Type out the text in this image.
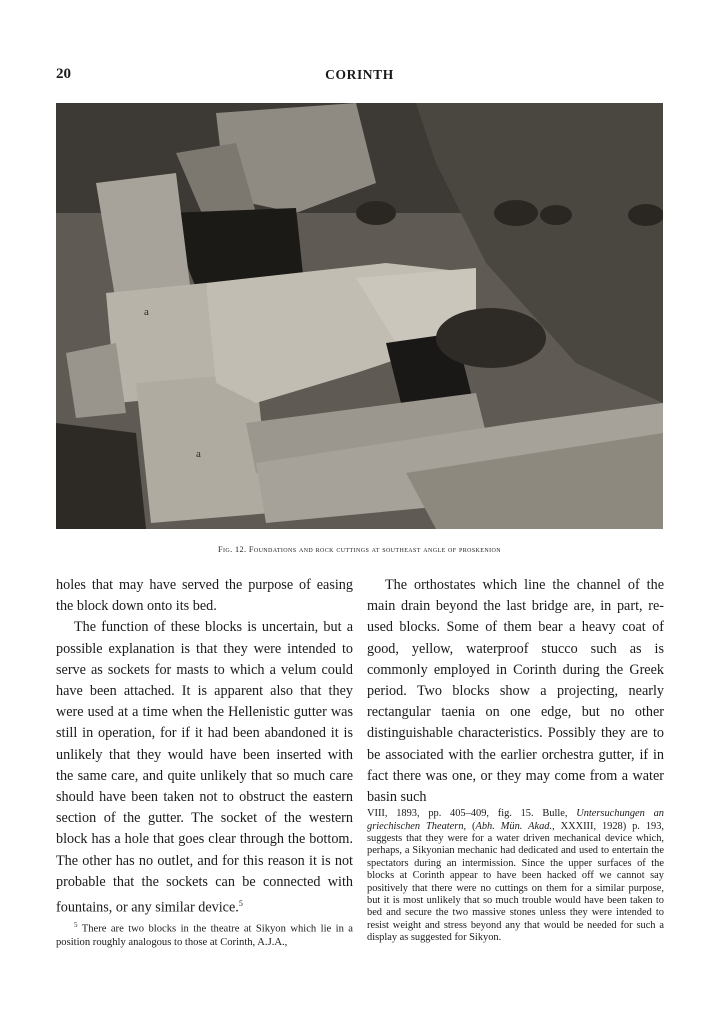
20	CORINTH
a
a
b
Fig. 12. Foundations and rock cuttings at southeast angle of proskenion

holes that may have served the purpose of easing the block down onto its bed.

The function of these blocks is uncertain, but a possible explanation is that they were intended to serve as sockets for masts to which a velum could have been attached. It is apparent also that they were used at a time when the Hellenistic gutter was still in operation, for if it had been abandoned it is unlikely that they would have been inserted with the same care, and quite unlikely that so much care should have been taken not to obstruct the eastern section of the gutter. The socket of the western block has a hole that goes clear through the bottom. The other has no outlet, and for this reason it is not probable that the sockets can be connected with fountains, or any similar device.$^5$

$^5$ There are two blocks in the theatre at Sikyon which lie in a position roughly analogous to those at Corinth, A.J.A.,

The orthostates which line the channel of the main drain beyond the last bridge are, in part, re-used blocks. Some of them bear a heavy coat of good, yellow, waterproof stucco such as is commonly employed in Corinth during the Greek period. Two blocks show a projecting, nearly rectangular taenia on one edge, but no other distinguishable characteristics. Possibly they are to be associated with the earlier orchestra gutter, if in fact there was one, or they may come from a water basin such

VIII, 1893, pp. 405–409, fig. 15. Bulle, Untersuchungen an griechischen Theatern, (Abh. Mün. Akad., XXXIII, 1928) p. 193, suggests that they were for a water driven mechanical device which, perhaps, a Sikyonian mechanic had dedicated and used to entertain the spectators during an intermission. Since the upper surfaces of the blocks at Corinth appear to have been hacked off we cannot say positively that there were no cuttings on them for a similar purpose, but it is most unlikely that so much trouble would have been taken to bed and secure the two massive stones unless they were intended to resist weight and stress beyond any that would be needed for such a display as suggested for Sikyon.
